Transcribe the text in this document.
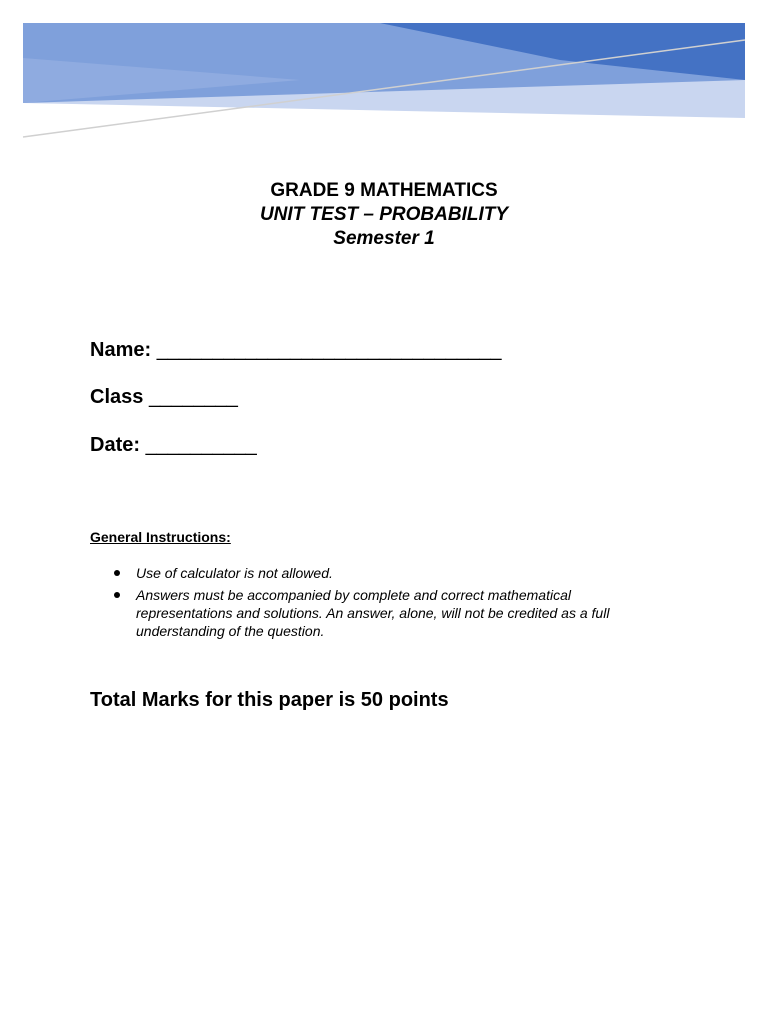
GRADE 9 MATHEMATICS
UNIT TEST – PROBABILITY
Semester 1
Name: _______________________________
Class ________
Date: __________
General Instructions:
Use of calculator is not allowed.
Answers must be accompanied by complete and correct mathematical representations and solutions. An answer, alone, will not be credited as a full understanding of the question.
Total Marks for this paper is 50 points
